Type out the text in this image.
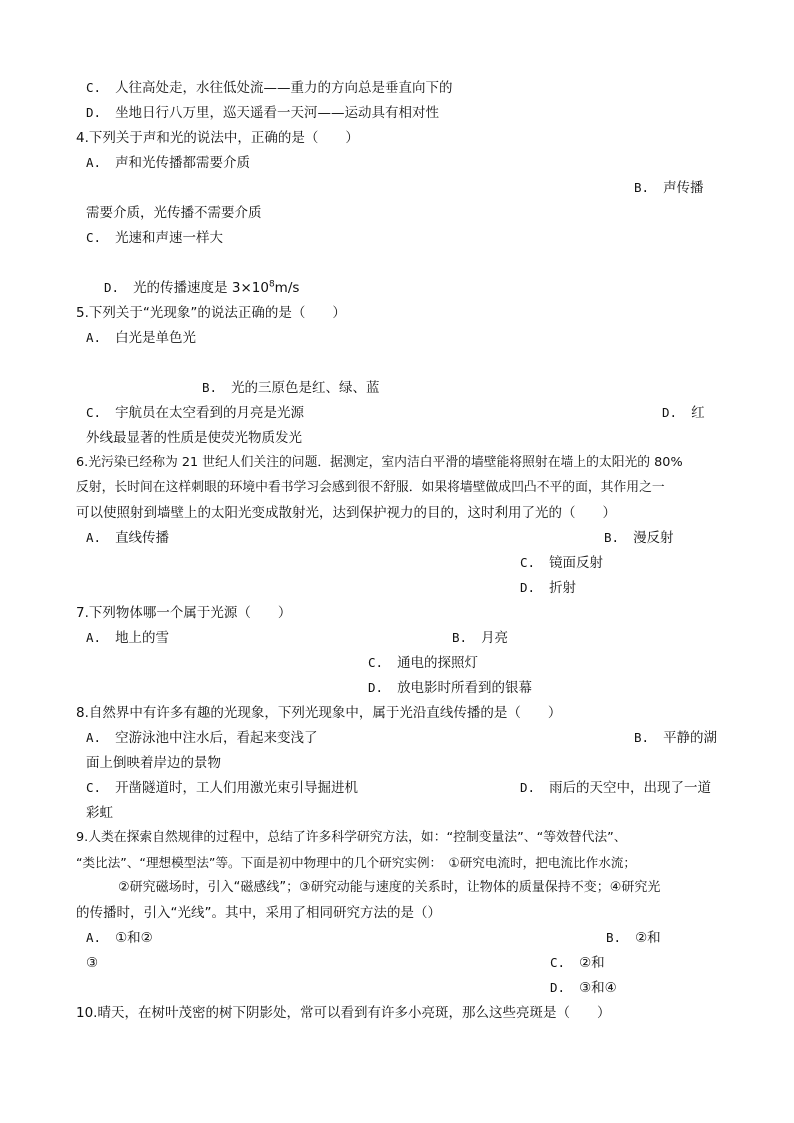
C. 人往高处走，水往低处流——重力的方向总是垂直向下的
D. 坐地日行八万里，巡天遥看一天河——运动具有相对性
4.下列关于声和光的说法中，正确的是（　　）
A. 声和光传播都需要介质
B. 声传播
需要介质，光传播不需要介质
C. 光速和声速一样大
D. 光的传播速度是 $3\times 10^8m/s$
5.下列关于“光现象”的说法正确的是（　　）
A. 白光是单色光
B. 光的三原色是红、绿、蓝
C. 宇航员在太空看到的月亮是光源	D. 红
外线最显著的性质是使荧光物质发光
6.光污染已经称为 21 世纪人们关注的问题．据测定，室内洁白平滑的墙壁能将照射在墙上的太阳光的 80%
反射，长时间在这样刺眼的环境中看书学习会感到很不舒服．如果将墙壁做成凹凸不平的面，其作用之一
可以使照射到墙壁上的太阳光变成散射光，达到保护视力的目的，这时利用了光的（　　）
A. 直线传播	B. 漫反射
C. 镜面反射
D. 折射
7.下列物体哪一个属于光源（　　）
A. 地上的雪	B. 月亮
C. 通电的探照灯
D. 放电影时所看到的银幕
8.自然界中有许多有趣的光现象，下列光现象中，属于光沿直线传播的是（　　）
A. 空游泳池中注水后，看起来变浅了	B. 平静的湖
面上倒映着岸边的景物
C. 开凿隧道时，工人们用激光束引导掘进机	D. 雨后的天空中，出现了一道
彩虹
9.人类在探索自然规律的过程中，总结了许多科学研究方法，如：“控制变量法”、“等效替代法”、
“类比法”、“理想模型法”等。下面是初中物理中的几个研究实例：　①研究电流时，把电流比作水流；
②研究磁场时，引入“磁感线”；③研究动能与速度的关系时，让物体的质量保持不变；④研究光
的传播时，引入“光线”。其中，采用了相同研究方法的是（）
A. ①和②	B. ②和
③	C. ②和
D. ③和④
10.晴天，在树叶茂密的树下阴影处，常可以看到有许多小亮斑，那么这些亮斑是（　　）
